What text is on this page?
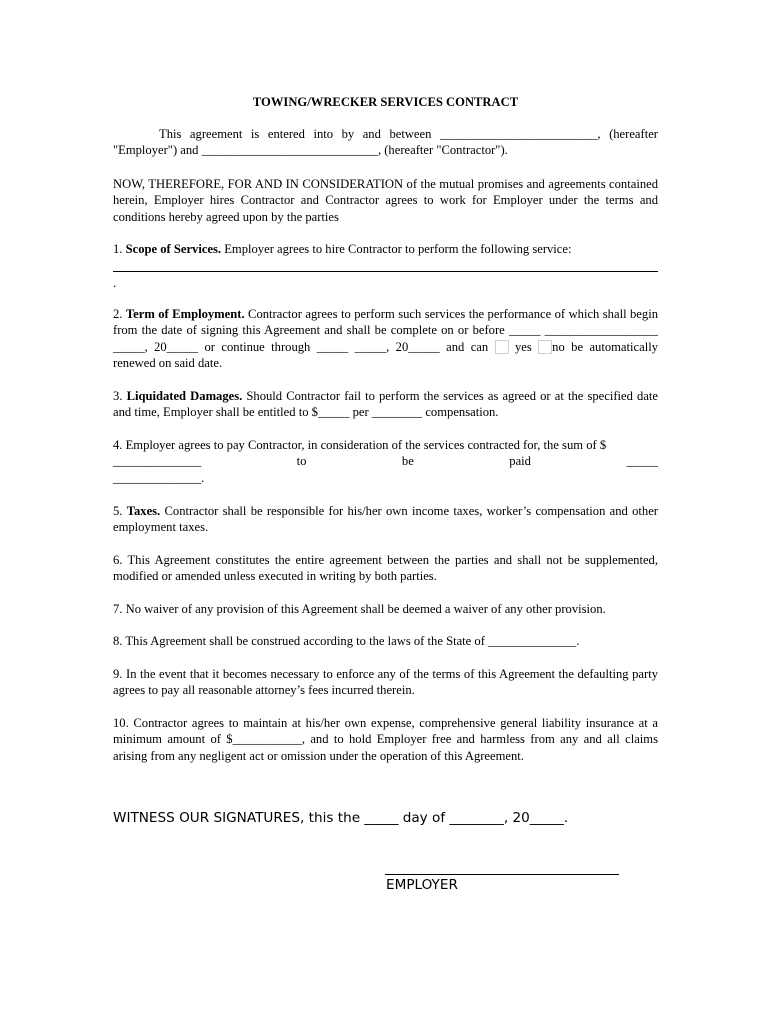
TOWING/WRECKER SERVICES CONTRACT
This agreement is entered into by and between _________________________, (hereafter "Employer") and ____________________________, (hereafter "Contractor").
NOW, THEREFORE, FOR AND IN CONSIDERATION of the mutual promises and agreements contained herein, Employer hires Contractor and Contractor agrees to work for Employer under the terms and conditions hereby agreed upon by the parties
1. Scope of Services. Employer agrees to hire Contractor to perform the following service:
.
2. Term of Employment. Contractor agrees to perform such services the performance of which shall begin from the date of signing this Agreement and shall be complete on or before _____ __________________ _____, 20_____ or continue through _____ _____, 20_____ and can  yes no be automatically renewed on said date.
3. Liquidated Damages. Should Contractor fail to perform the services as agreed or at the specified date and time, Employer shall be entitled to $_____ per ________ compensation.
4. Employer agrees to pay Contractor, in consideration of the services contracted for, the sum of $
______________	to	be	paid	_____
______________.
5. Taxes. Contractor shall be responsible for his/her own income taxes, worker’s compensation and other employment taxes.
6. This Agreement constitutes the entire agreement between the parties and shall not be supplemented, modified or amended unless executed in writing by both parties.
7. No waiver of any provision of this Agreement shall be deemed a waiver of any other provision.
8. This Agreement shall be construed according to the laws of the State of ______________.
9. In the event that it becomes necessary to enforce any of the terms of this Agreement the defaulting party agrees to pay all reasonable attorney’s fees incurred therein.
10. Contractor agrees to maintain at his/her own expense, comprehensive general liability insurance at a minimum amount of $___________, and to hold Employer free and harmless from any and all claims arising from any negligent act or omission under the operation of this Agreement.
WITNESS OUR SIGNATURES, this the _____ day of ________, 20_____.
EMPLOYER
